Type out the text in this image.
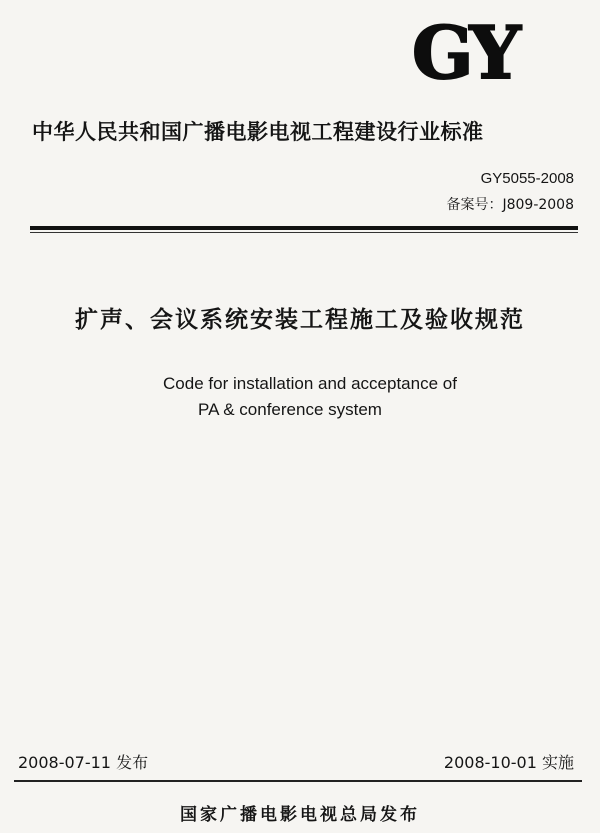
GY
中华人民共和国广播电影电视工程建设行业标准
GY5055-2008
备案号：J809-2008
扩声、会议系统安装工程施工及验收规范
Code for installation and acceptance of
PA & conference system
2008-07-11 发布	2008-10-01 实施
国家广播电影电视总局发布
